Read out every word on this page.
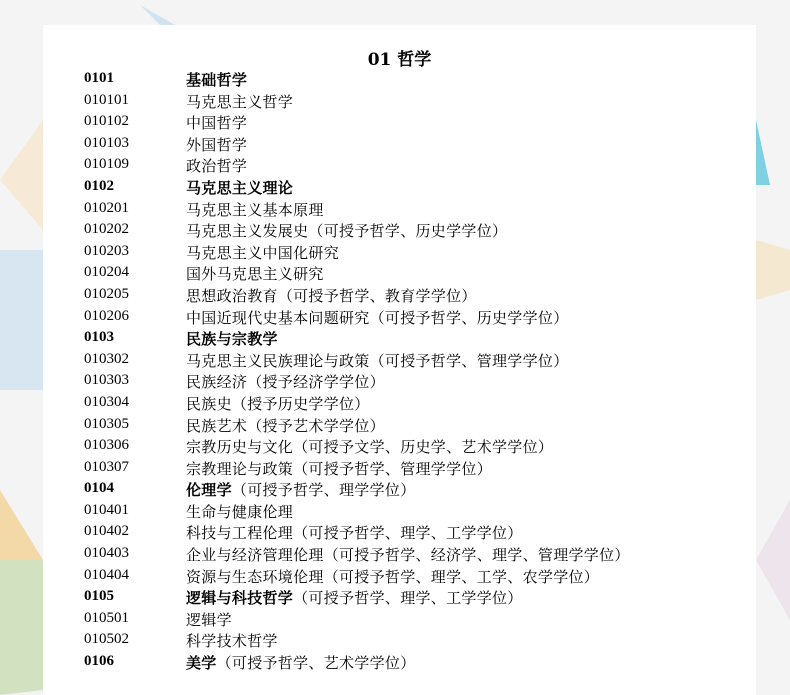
01 哲学
0101	基础哲学
010101	马克思主义哲学
010102	中国哲学
010103	外国哲学
010109	政治哲学
0102	马克思主义理论
010201	马克思主义基本原理
010202	马克思主义发展史（可授予哲学、历史学学位）
010203	马克思主义中国化研究
010204	国外马克思主义研究
010205	思想政治教育（可授予哲学、教育学学位）
010206	中国近现代史基本问题研究（可授予哲学、历史学学位）
0103	民族与宗教学
010302	马克思主义民族理论与政策（可授予哲学、管理学学位）
010303	民族经济（授予经济学学位）
010304	民族史（授予历史学学位）
010305	民族艺术（授予艺术学学位）
010306	宗教历史与文化（可授予文学、历史学、艺术学学位）
010307	宗教理论与政策（可授予哲学、管理学学位）
0104	伦理学（可授予哲学、理学学位）
010401	生命与健康伦理
010402	科技与工程伦理（可授予哲学、理学、工学学位）
010403	企业与经济管理伦理（可授予哲学、经济学、理学、管理学学位）
010404	资源与生态环境伦理（可授予哲学、理学、工学、农学学位）
0105	逻辑与科技哲学（可授予哲学、理学、工学学位）
010501	逻辑学
010502	科学技术哲学
0106	美学（可授予哲学、艺术学学位）
